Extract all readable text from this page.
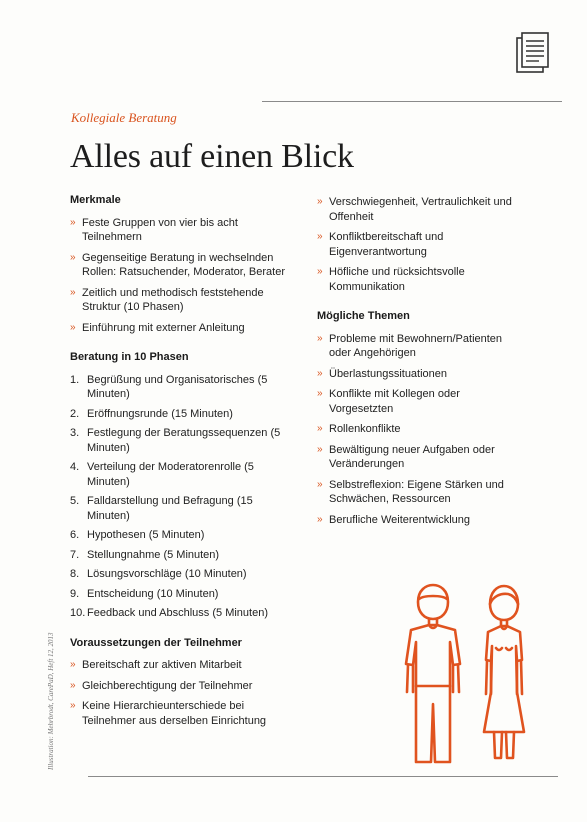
Kollegiale Beratung
Alles auf einen Blick
Merkmale
» Feste Gruppen von vier bis acht Teilnehmern
» Gegenseitige Beratung in wechselnden Rollen: Ratsuchender, Moderator, Berater
» Zeitlich und methodisch feststehende Struktur (10 Phasen)
» Einführung mit externer Anleitung
Beratung in 10 Phasen
1. Begrüßung und Organisatorisches (5 Minuten)
2. Eröffnungsrunde (15 Minuten)
3. Festlegung der Beratungssequenzen (5 Minuten)
4. Verteilung der Moderatorenrolle (5 Minuten)
5. Falldarstellung und Befragung (15 Minuten)
6. Hypothesen (5 Minuten)
7. Stellungnahme (5 Minuten)
8. Lösungsvorschläge (10 Minuten)
9. Entscheidung (10 Minuten)
10. Feedback und Abschluss (5 Minuten)
Voraussetzungen der Teilnehmer
» Bereitschaft zur aktiven Mitarbeit
» Gleichberechtigung der Teilnehmer
» Keine Hierarchieunterschiede bei Teilnehmer aus derselben Einrichtung
» Verschwiegenheit, Vertraulichkeit und Offenheit
» Konfliktbereitschaft und Eigenverantwortung
» Höfliche und rücksichtsvolle Kommunikation
Mögliche Themen
» Probleme mit Bewohnern/Patienten oder Angehörigen
» Überlastungssituationen
» Konflikte mit Kollegen oder Vorgesetzten
» Rollenkonflikte
» Bewältigung neuer Aufgaben oder Veränderungen
» Selbstreflexion: Eigene Stärken und Schwächen, Ressourcen
» Berufliche Weiterentwicklung
Illustration: Mehrbrodt, CarePaD, Heft 12, 2013
